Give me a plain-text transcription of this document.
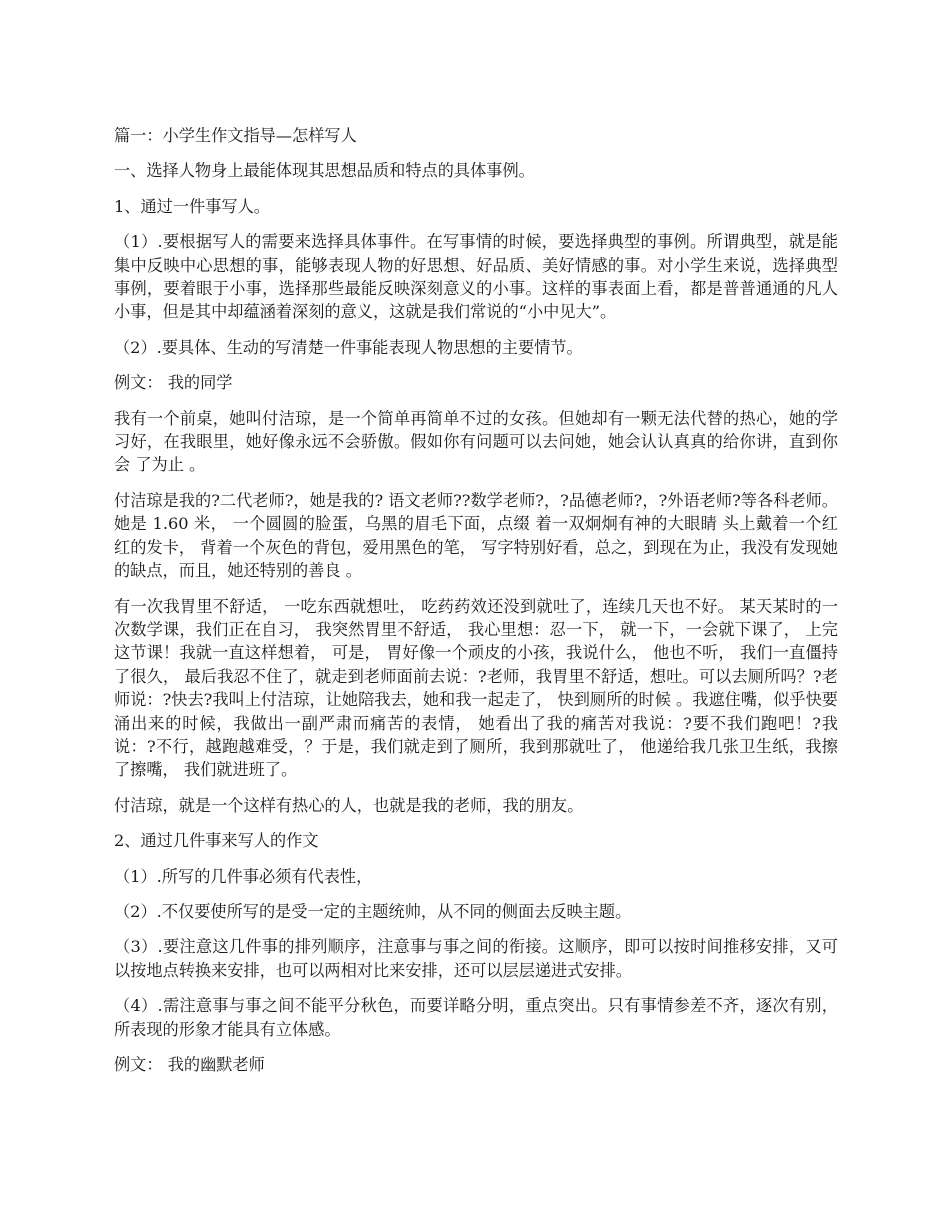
篇一：小学生作文指导—怎样写人

一、选择人物身上最能体现其思想品质和特点的具体事例。

1、通过一件事写人。

（1）.要根据写人的需要来选择具体事件。在写事情的时候，要选择典型的事例。所谓典型，就是能集中反映中心思想的事，能够表现人物的好思想、好品质、美好情感的事。对小学生来说，选择典型事例，要着眼于小事，选择那些最能反映深刻意义的小事。这样的事表面上看，都是普普通通的凡人小事，但是其中却蕴涵着深刻的意义，这就是我们常说的“小中见大”。

（2）.要具体、生动的写清楚一件事能表现人物思想的主要情节。

例文： 我的同学

我有一个前桌，她叫付洁琼，是一个简单再简单不过的女孩。但她却有一颗无法代替的热心，她的学习好，在我眼里，她好像永远不会骄傲。假如你有问题可以去问她，她会认认真真的给你讲，直到你会 了为止 。

付洁琼是我的?二代老师?，她是我的? 语文老师??数学老师?，?品德老师?，?外语老师?等各科老师。她是 1.60 米， 一个圆圆的脸蛋，乌黑的眉毛下面，点缀 着一双炯炯有神的大眼睛 头上戴着一个红红的发卡， 背着一个灰色的背包，爱用黑色的笔， 写字特别好看，总之，到现在为止，我没有发现她的缺点，而且，她还特别的善良 。

有一次我胃里不舒适， 一吃东西就想吐， 吃药药效还没到就吐了，连续几天也不好。 某天某时的一次数学课，我们正在自习， 我突然胃里不舒适， 我心里想：忍一下， 就一下，一会就下课了， 上完这节课！我就一直这样想着， 可是， 胃好像一个顽皮的小孩，我说什么， 他也不听， 我们一直僵持了很久， 最后我忍不住了，就走到老师面前去说：?老师，我胃里不舒适，想吐。可以去厕所吗？?老师说：?快去?我叫上付洁琼，让她陪我去，她和我一起走了， 快到厕所的时候 。我遮住嘴，似乎快要涌出来的时候，我做出一副严肃而痛苦的表情， 她看出了我的痛苦对我说：?要不我们跑吧！?我说：?不行，越跑越难受，？于是，我们就走到了厕所，我到那就吐了， 他递给我几张卫生纸，我擦了擦嘴， 我们就进班了。

付洁琼，就是一个这样有热心的人，也就是我的老师，我的朋友。

2、通过几件事来写人的作文

（1）.所写的几件事必须有代表性，

（2）.不仅要使所写的是受一定的主题统帅，从不同的侧面去反映主题。

（3）.要注意这几件事的排列顺序，注意事与事之间的衔接。这顺序，即可以按时间推移安排，又可以按地点转换来安排，也可以两相对比来安排，还可以层层递进式安排。

（4）.需注意事与事之间不能平分秋色，而要详略分明，重点突出。只有事情参差不齐，逐次有别，所表现的形象才能具有立体感。

例文： 我的幽默老师
